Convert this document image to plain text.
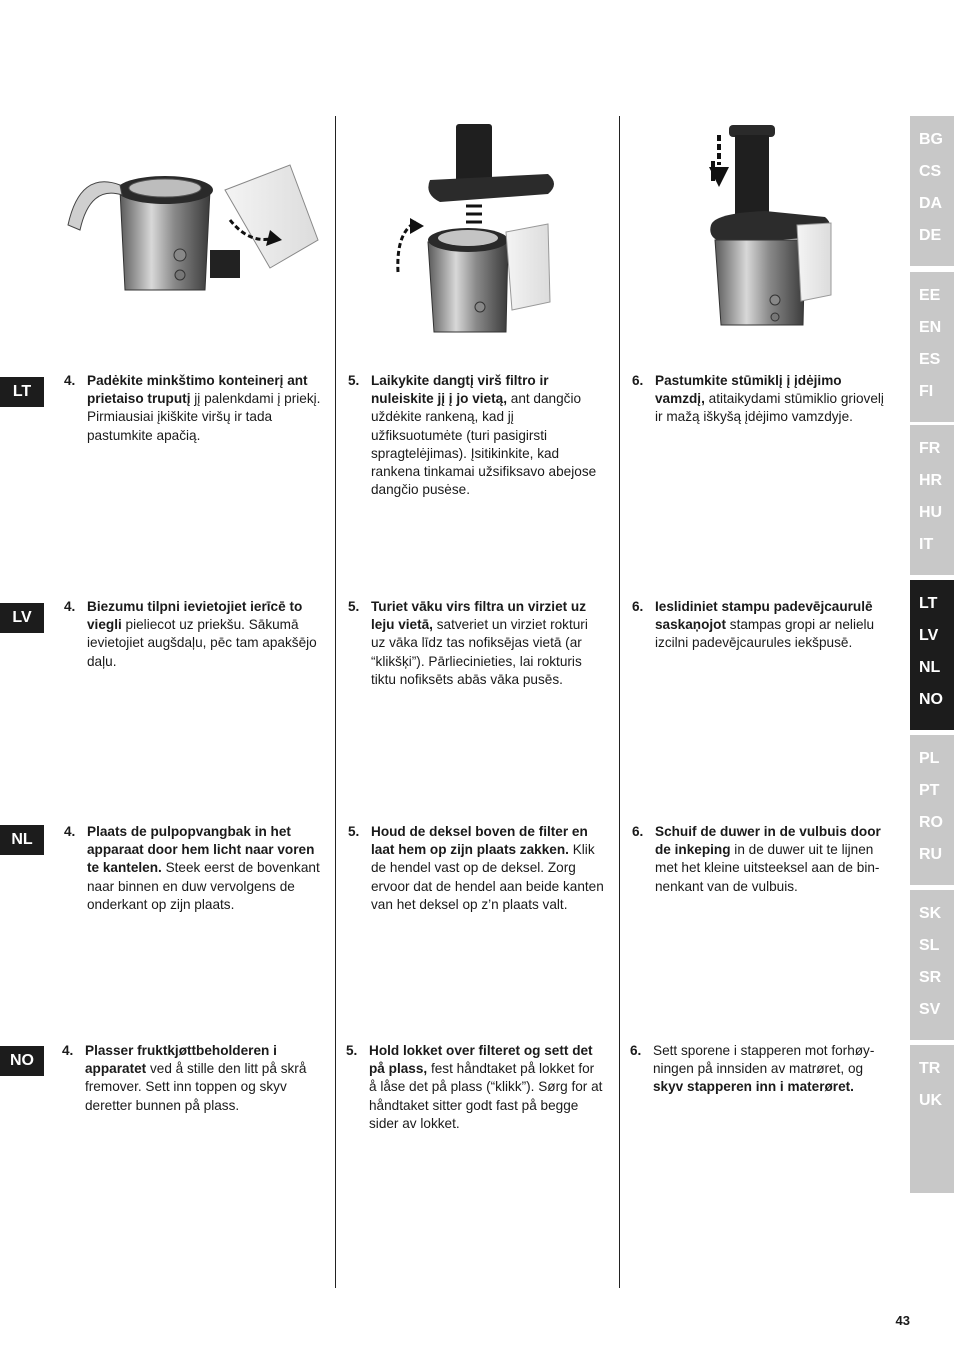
LT
LV
NL
NO
4. Padėkite minkštimo konteinerį ant prietaiso truputį jį palenkdami į priekį. Pirmiausiai įkiškite viršų ir tada pastumkite apačią.
5. Laikykite dangtį virš filtro ir nuleiskite jį į jo vietą, ant dangčio uždėkite rankeną, kad jį užfiksuotumėte (turi pasigirsti spragtelėjimas). Įsitikinkite, kad rankena tinkamai užsifiksavo abejose dangčio pusėse.
6. Pastumkite stūmiklį į įdėjimo vamzdį, atitaikydami stūmiklio griovelį ir mažą iškyšą įdėjimo vamzdyje.
4. Biezumu tilpni ievietojiet ierīcē to viegli pieliecot uz priekšu. Sākumā ievietojiet augšdaļu, pēc tam apakšējo daļu.
5. Turiet vāku virs filtra un virziet uz leju vietā, satveriet un virziet rokturi uz vāka līdz tas nofiksējas vietā (ar “klikšķi”). Pārliecinieties, lai rokturis tiktu nofiksēts abās vāka pusēs.
6. Ieslidiniet stampu padevējcaurulē saskaņojot stampas gropi ar nelielu izcilni padevējcaurules iekšpusē.
4. Plaats de pulpopvangbak in het apparaat door hem licht naar voren te kantelen. Steek eerst de bovenkant naar binnen en duw vervolgens de onderkant op zijn plaats.
5. Houd de deksel boven de filter en laat hem op zijn plaats zakken. Klik de hendel vast op de deksel. Zorg ervoor dat de hendel aan beide kanten van het deksel op z’n plaats valt.
6. Schuif de duwer in de vulbuis door de inkeping in de duwer uit te lijnen met het kleine uitsteeksel aan de bin-nenkant van de vulbuis.
4. Plasser fruktkjøttbeholderen i apparatet ved å stille den litt på skrå fremover. Sett inn toppen og skyv deretter bunnen på plass.
5. Hold lokket over filteret og sett det på plass, fest håndtaket på lokket for å låse det på plass (“klikk”). Sørg for at håndtaket sitter godt fast på begge sider av lokket.
6. Sett sporene i stapperen mot forhøy-ningen på innsiden av matrøret, og skyv stapperen inn i materøret.
BG
CS
DA
DE
EE
EN
ES
FI
FR
HR
HU
IT
LT
LV
NL
NO
PL
PT
RO
RU
SK
SL
SR
SV
TR
UK
43
